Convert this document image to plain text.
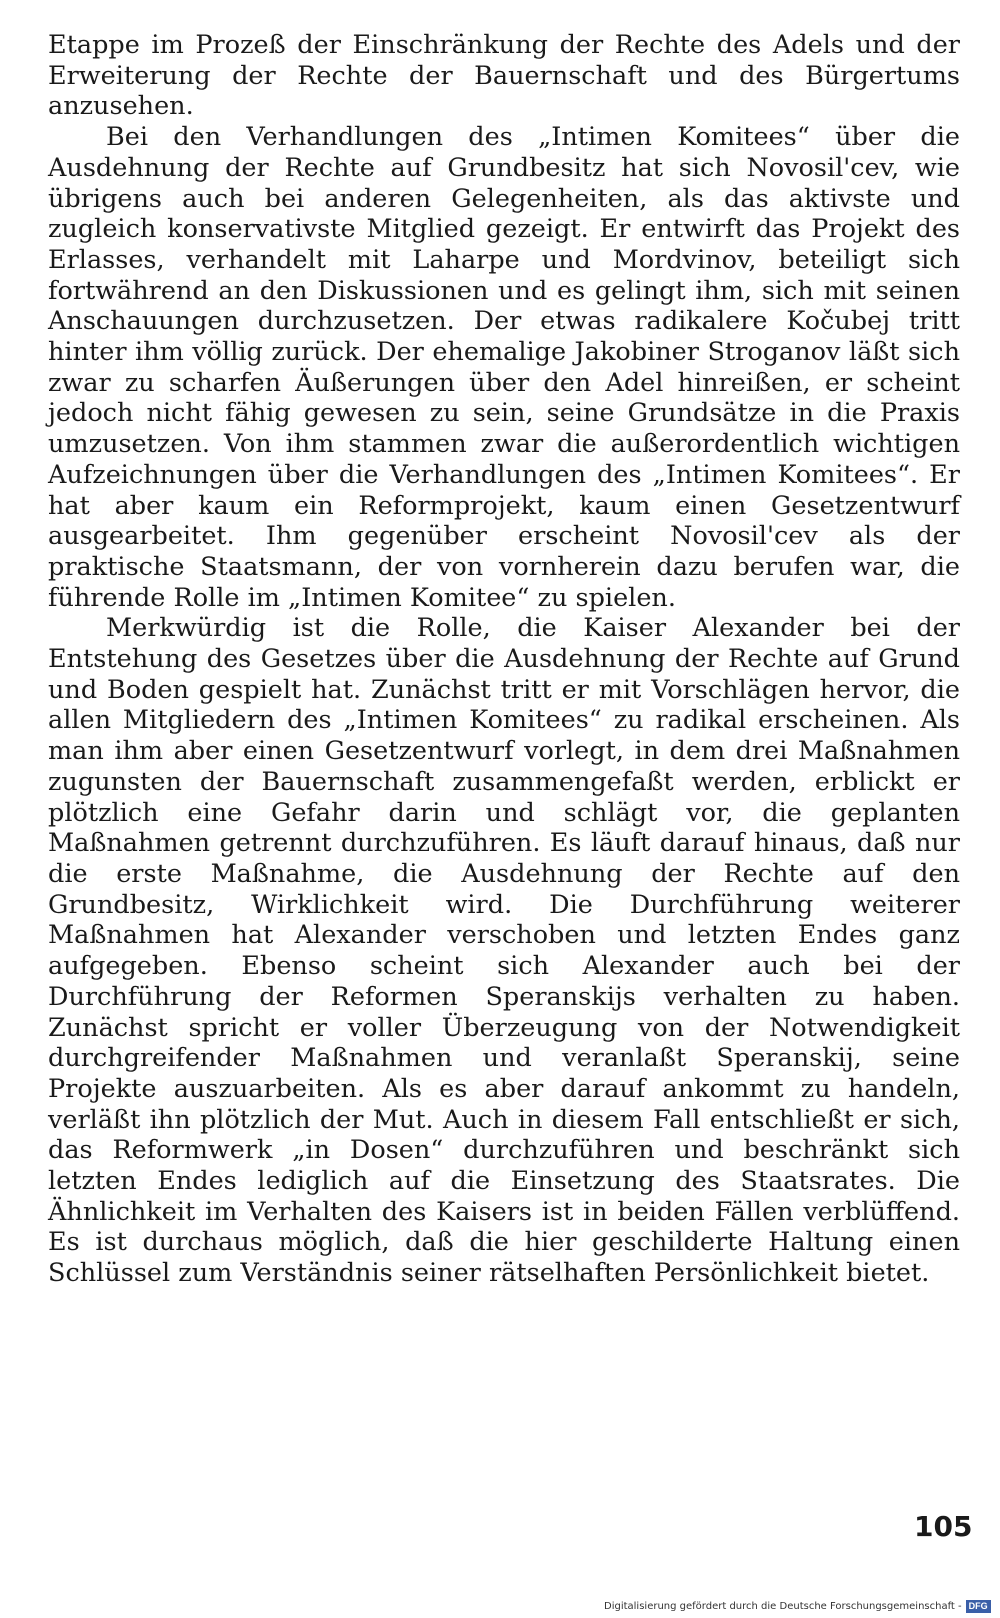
Etappe im Prozeß der Einschränkung der Rechte des Adels und der Erweiterung der Rechte der Bauernschaft und des Bürgertums anzusehen.

Bei den Verhandlungen des „Intimen Komitees“ über die Ausdehnung der Rechte auf Grundbesitz hat sich Novosil'cev, wie übrigens auch bei anderen Gelegenheiten, als das aktivste und zugleich konservativste Mitglied gezeigt. Er entwirft das Projekt des Erlasses, verhandelt mit Laharpe und Mordvinov, beteiligt sich fortwährend an den Diskussionen und es gelingt ihm, sich mit seinen Anschauungen durchzusetzen. Der etwas radikalere Kočubej tritt hinter ihm völlig zurück. Der ehemalige Jakobiner Stroganov läßt sich zwar zu scharfen Äußerungen über den Adel hinreißen, er scheint jedoch nicht fähig gewesen zu sein, seine Grundsätze in die Praxis umzusetzen. Von ihm stammen zwar die außerordentlich wichtigen Aufzeichnungen über die Verhandlungen des „Intimen Komitees“. Er hat aber kaum ein Reformprojekt, kaum einen Gesetzentwurf ausgearbeitet. Ihm gegenüber erscheint Novosil'cev als der praktische Staatsmann, der von vornherein dazu berufen war, die führende Rolle im „Intimen Komitee“ zu spielen.

Merkwürdig ist die Rolle, die Kaiser Alexander bei der Entstehung des Gesetzes über die Ausdehnung der Rechte auf Grund und Boden gespielt hat. Zunächst tritt er mit Vorschlägen hervor, die allen Mitgliedern des „Intimen Komitees“ zu radikal erscheinen. Als man ihm aber einen Gesetzentwurf vorlegt, in dem drei Maßnahmen zugunsten der Bauernschaft zusammengefaßt werden, erblickt er plötzlich eine Gefahr darin und schlägt vor, die geplanten Maßnahmen getrennt durchzuführen. Es läuft darauf hinaus, daß nur die erste Maßnahme, die Ausdehnung der Rechte auf den Grundbesitz, Wirklichkeit wird. Die Durchführung weiterer Maßnahmen hat Alexander verschoben und letzten Endes ganz aufgegeben. Ebenso scheint sich Alexander auch bei der Durchführung der Reformen Speranskijs verhalten zu haben. Zunächst spricht er voller Überzeugung von der Notwendigkeit durchgreifender Maßnahmen und veranlaßt Speranskij, seine Projekte auszuarbeiten. Als es aber darauf ankommt zu handeln, verläßt ihn plötzlich der Mut. Auch in diesem Fall entschließt er sich, das Reformwerk „in Dosen“ durchzuführen und beschränkt sich letzten Endes lediglich auf die Einsetzung des Staatsrates. Die Ähnlichkeit im Verhalten des Kaisers ist in beiden Fällen verblüffend. Es ist durchaus möglich, daß die hier geschilderte Haltung einen Schlüssel zum Verständnis seiner rätselhaften Persönlichkeit bietet.

105
Digitalisierung gefördert durch die Deutsche Forschungsgemeinschaft - DFG
